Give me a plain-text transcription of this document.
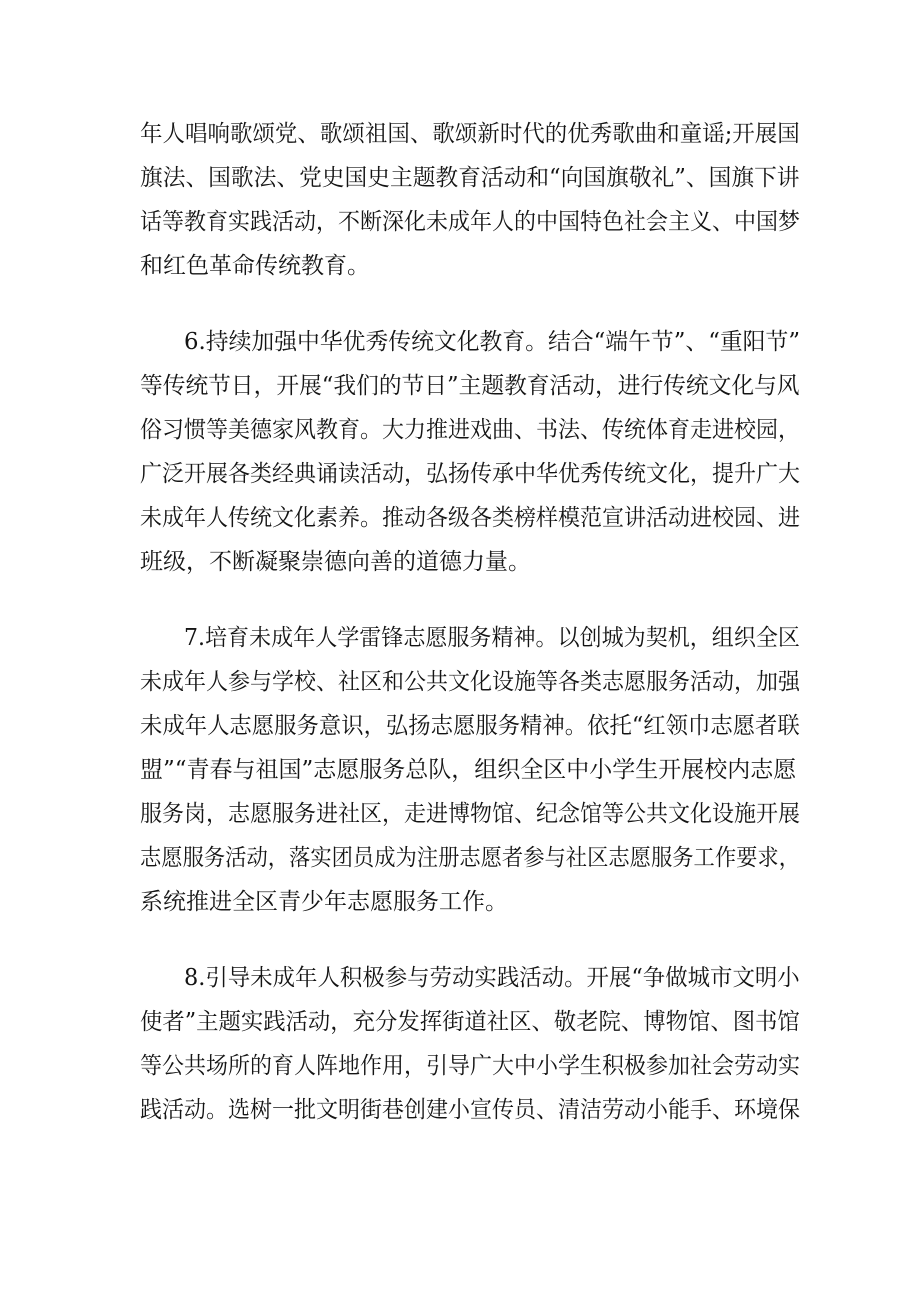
年人唱响歌颂党、歌颂祖国、歌颂新时代的优秀歌曲和童谣;开展国
旗法、国歌法、党史国史主题教育活动和“向国旗敬礼”、国旗下讲
话等教育实践活动，不断深化未成年人的中国特色社会主义、中国梦
和红色革命传统教育。
6.持续加强中华优秀传统文化教育。结合“端午节”、“重阳节”
等传统节日，开展“我们的节日”主题教育活动，进行传统文化与风
俗习惯等美德家风教育。大力推进戏曲、书法、传统体育走进校园，
广泛开展各类经典诵读活动，弘扬传承中华优秀传统文化，提升广大
未成年人传统文化素养。推动各级各类榜样模范宣讲活动进校园、进
班级，不断凝聚崇德向善的道德力量。
7.培育未成年人学雷锋志愿服务精神。以创城为契机，组织全区
未成年人参与学校、社区和公共文化设施等各类志愿服务活动，加强
未成年人志愿服务意识，弘扬志愿服务精神。依托“红领巾志愿者联
盟”“青春与祖国”志愿服务总队，组织全区中小学生开展校内志愿
服务岗，志愿服务进社区，走进博物馆、纪念馆等公共文化设施开展
志愿服务活动，落实团员成为注册志愿者参与社区志愿服务工作要求，
系统推进全区青少年志愿服务工作。
8.引导未成年人积极参与劳动实践活动。开展“争做城市文明小
使者”主题实践活动，充分发挥街道社区、敬老院、博物馆、图书馆
等公共场所的育人阵地作用，引导广大中小学生积极参加社会劳动实
践活动。选树一批文明街巷创建小宣传员、清洁劳动小能手、环境保
